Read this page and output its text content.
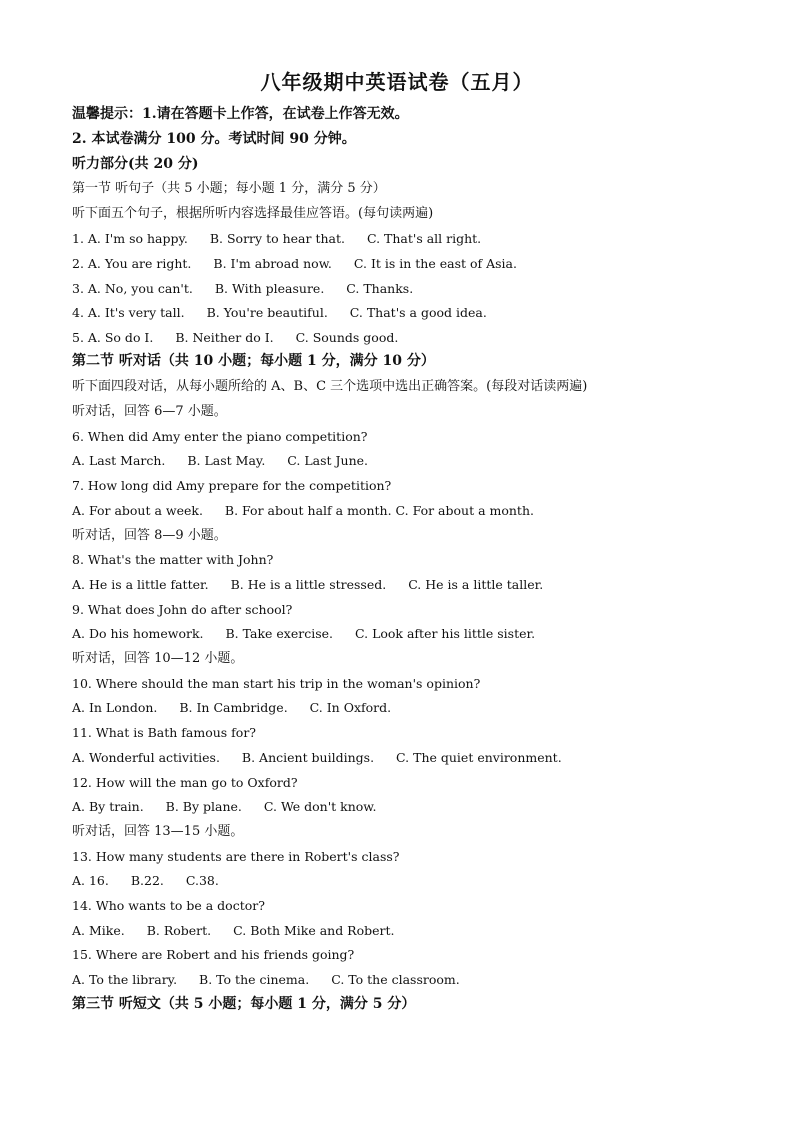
八年级期中英语试卷（五月）
温馨提示：1.请在答题卡上作答，在试卷上作答无效。
2. 本试卷满分 100 分。考试时间 90 分钟。
听力部分(共 20 分)
第一节 听句子（共 5 小题；每小题 1 分，满分 5 分）
听下面五个句子，根据所听内容选择最佳应答语。(每句读两遍)
1. A. I'm so happy. B. Sorry to hear that. C. That's all right.
2. A. You are right. B. I'm abroad now. C. It is in the east of Asia.
3. A. No, you can't. B. With pleasure. C. Thanks.
4. A. It's very tall. B. You're beautiful. C. That's a good idea.
5. A. So do I. B. Neither do I. C. Sounds good.
第二节 听对话（共 10 小题；每小题 1 分，满分 10 分）
听下面四段对话，从每小题所给的 A、B、C 三个选项中选出正确答案。(每段对话读两遍)
听对话，回答 6—7 小题。
6. When did Amy enter the piano competition?
A. Last March. B. Last May. C. Last June.
7. How long did Amy prepare for the competition?
A. For about a week. B. For about half a month. C. For about a month.
听对话，回答 8—9 小题。
8. What's the matter with John?
A. He is a little fatter. B. He is a little stressed. C. He is a little taller.
9. What does John do after school?
A. Do his homework. B. Take exercise. C. Look after his little sister.
听对话，回答 10—12 小题。
10. Where should the man start his trip in the woman's opinion?
A. In London. B. In Cambridge. C. In Oxford.
11. What is Bath famous for?
A. Wonderful activities. B. Ancient buildings. C. The quiet environment.
12. How will the man go to Oxford?
A. By train. B. By plane. C. We don't know.
听对话，回答 13—15 小题。
13. How many students are there in Robert's class?
A. 16. B.22. C.38.
14. Who wants to be a doctor?
A. Mike. B. Robert. C. Both Mike and Robert.
15. Where are Robert and his friends going?
A. To the library. B. To the cinema. C. To the classroom.
第三节 听短文（共 5 小题；每小题 1 分，满分 5 分）
